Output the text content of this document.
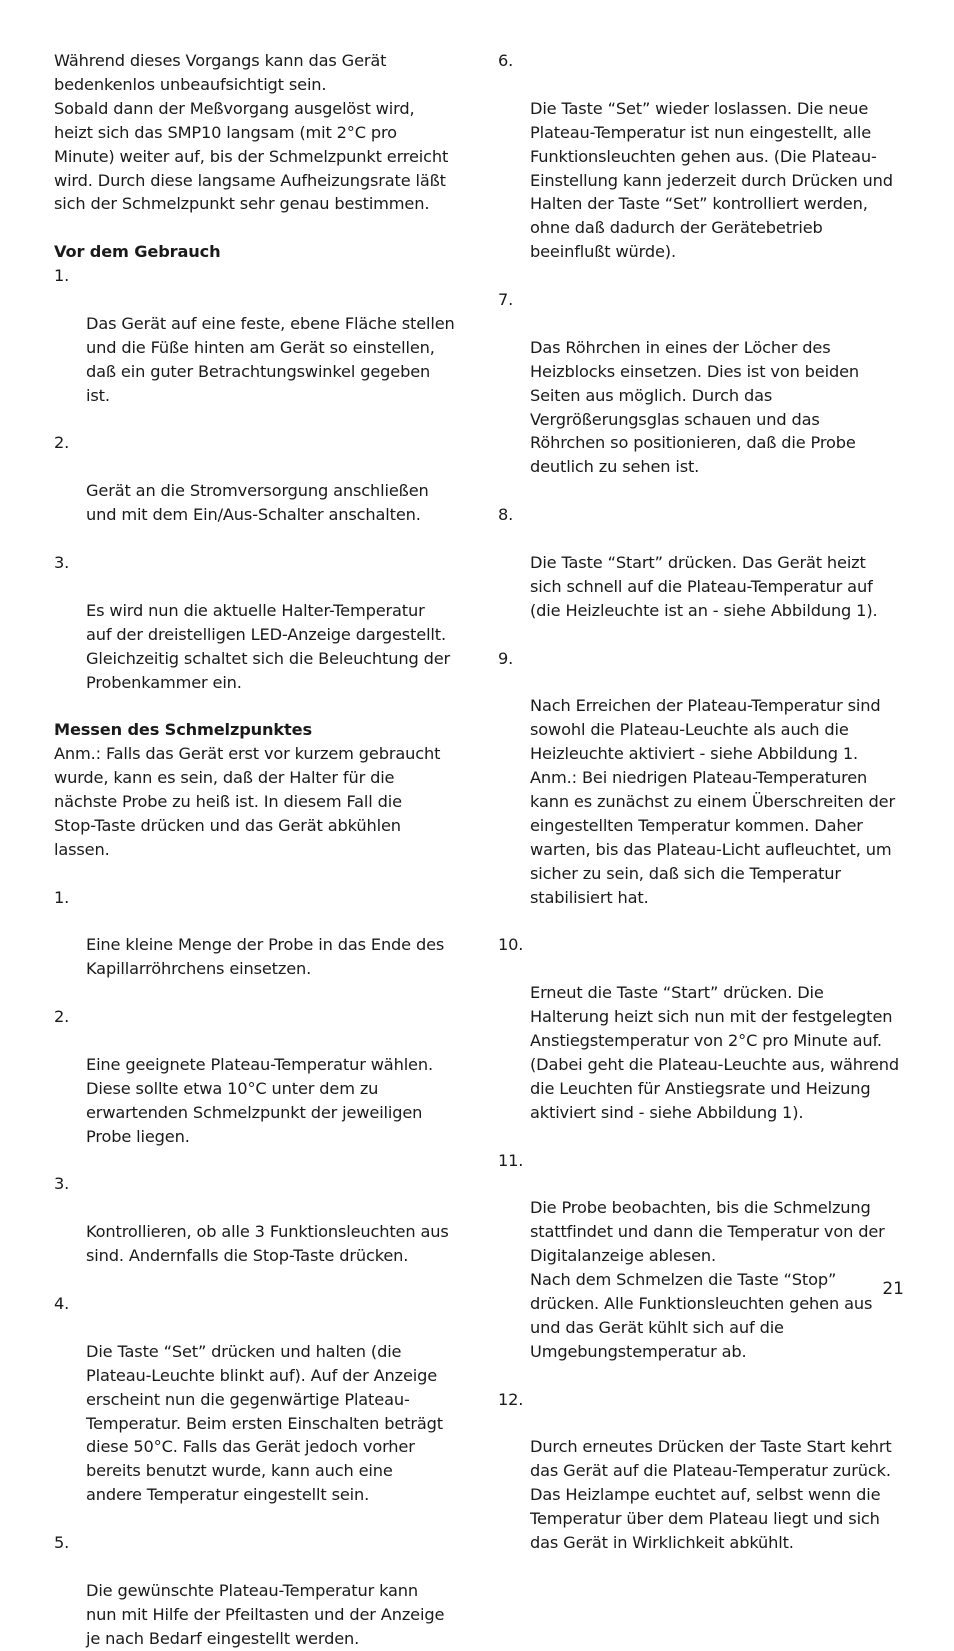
Während dieses Vorgangs kann das Gerät
bedenkenlos unbeaufsichtigt sein.
Sobald dann der Meßvorgang ausgelöst wird,
heizt sich das SMP10 langsam (mit 2°C pro
Minute) weiter auf, bis der Schmelzpunkt erreicht
wird. Durch diese langsame Aufheizungsrate läßt
sich der Schmelzpunkt sehr genau bestimmen.

Vor dem Gebrauch

1.

Das Gerät auf eine feste, ebene Fläche stellen
und die Füße hinten am Gerät so einstellen,
daß ein guter Betrachtungswinkel gegeben
ist.

2.

Gerät an die Stromversorgung anschließen
und mit dem Ein/Aus-Schalter anschalten.

3.

Es wird nun die aktuelle Halter-Temperatur
auf der dreistelligen LED-Anzeige dargestellt.
Gleichzeitig schaltet sich die Beleuchtung der
Probenkammer ein.

Messen des Schmelzpunktes

Anm.: Falls das Gerät erst vor kurzem gebraucht
wurde, kann es sein, daß der Halter für die
nächste Probe zu heiß ist. In diesem Fall die
Stop-Taste drücken und das Gerät abkühlen
lassen.

1.

Eine kleine Menge der Probe in das Ende des
Kapillarröhrchens einsetzen.

2.

Eine geeignete Plateau-Temperatur wählen.
Diese sollte etwa 10°C unter dem zu
erwartenden Schmelzpunkt der jeweiligen
Probe liegen.

3.

Kontrollieren, ob alle 3 Funktionsleuchten aus
sind. Andernfalls die Stop-Taste drücken.

4.

Die Taste “Set” drücken und halten (die
Plateau-Leuchte blinkt auf). Auf der Anzeige
erscheint nun die gegenwärtige Plateau-
Temperatur. Beim ersten Einschalten beträgt
diese 50°C. Falls das Gerät jedoch vorher
bereits benutzt wurde, kann auch eine
andere Temperatur eingestellt sein.

5.

Die gewünschte Plateau-Temperatur kann
nun mit Hilfe der Pfeiltasten und der Anzeige
je nach Bedarf eingestellt werden.

6.

Die Taste “Set” wieder loslassen. Die neue
Plateau-Temperatur ist nun eingestellt, alle
Funktionsleuchten gehen aus. (Die Plateau-
Einstellung kann jederzeit durch Drücken und
Halten der Taste “Set” kontrolliert werden,
ohne daß dadurch der Gerätebetrieb
beeinflußt würde).

7.

Das Röhrchen in eines der Löcher des
Heizblocks einsetzen. Dies ist von beiden
Seiten aus möglich. Durch das
Vergrößerungsglas schauen und das
Röhrchen so positionieren, daß die Probe
deutlich zu sehen ist.

8.

Die Taste “Start” drücken. Das Gerät heizt
sich schnell auf die Plateau-Temperatur auf
(die Heizleuchte ist an - siehe Abbildung 1).

9.

Nach Erreichen der Plateau-Temperatur sind
sowohl die Plateau-Leuchte als auch die
Heizleuchte aktiviert - siehe Abbildung 1.
Anm.: Bei niedrigen Plateau-Temperaturen
kann es zunächst zu einem Überschreiten der
eingestellten Temperatur kommen. Daher
warten, bis das Plateau-Licht aufleuchtet, um
sicher zu sein, daß sich die Temperatur
stabilisiert hat.

10.

Erneut die Taste “Start” drücken. Die
Halterung heizt sich nun mit der festgelegten
Anstiegstemperatur von 2°C pro Minute auf.
(Dabei geht die Plateau-Leuchte aus, während
die Leuchten für Anstiegsrate und Heizung
aktiviert sind - siehe Abbildung 1).

11.

Die Probe beobachten, bis die Schmelzung
stattfindet und dann die Temperatur von der
Digitalanzeige ablesen.
Nach dem Schmelzen die Taste “Stop”
drücken. Alle Funktionsleuchten gehen aus
und das Gerät kühlt sich auf die
Umgebungstemperatur ab.

12.

Durch erneutes Drücken der Taste Start kehrt
das Gerät auf die Plateau-Temperatur zurück.
Das Heizlampe euchtet auf, selbst wenn die
Temperatur über dem Plateau liegt und sich
das Gerät in Wirklichkeit abkühlt.

21
